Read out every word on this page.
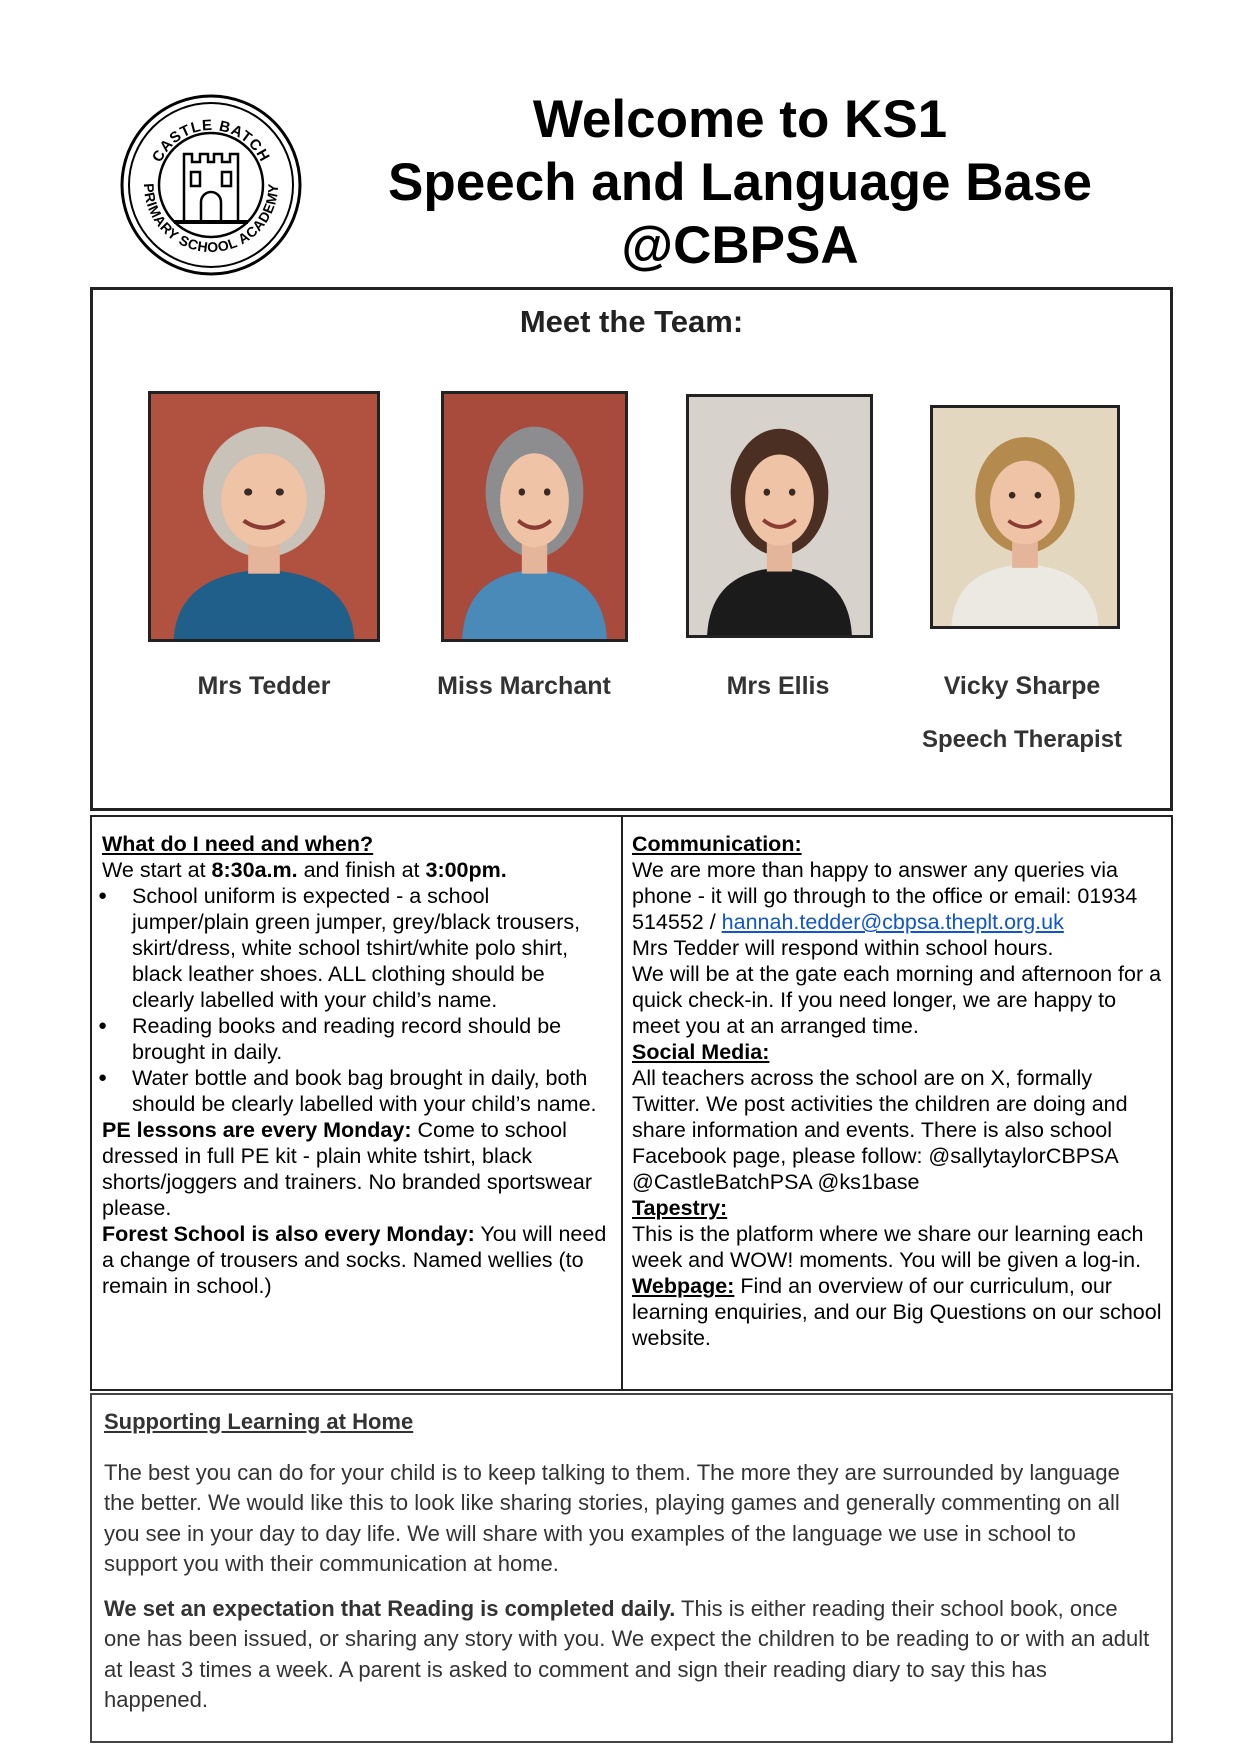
CASTLE BATCH
PRIMARY SCHOOL ACADEMY
Welcome to KS1
Speech and Language Base
@CBPSA
Meet the Team:
Mrs Tedder	Miss Marchant	Mrs Ellis	Vicky Sharpe
Speech Therapist

What do I need and when?

We start at 8:30a.m. and finish at 3:00pm.

● School uniform is expected - a school jumper/plain green jumper, grey/black trousers, skirt/dress, white school tshirt/white polo shirt, black leather shoes. ALL clothing should be clearly labelled with your child’s name.
● Reading books and reading record should be brought in daily.
● Water bottle and book bag brought in daily, both should be clearly labelled with your child’s name.

PE lessons are every Monday: Come to school dressed in full PE kit - plain white tshirt, black shorts/joggers and trainers. No branded sportswear please.

Forest School is also every Monday: You will need a change of trousers and socks. Named wellies (to remain in school.)

Communication:

We are more than happy to answer any queries via phone - it will go through to the office or email: 01934 514552 / hannah.tedder@cbpsa.theplt.org.uk

Mrs Tedder will respond within school hours.

We will be at the gate each morning and afternoon for a quick check-in. If you need longer, we are happy to meet you at an arranged time.

Social Media:

All teachers across the school are on X, formally Twitter. We post activities the children are doing and share information and events. There is also school Facebook page, please follow: @sallytaylorCBPSA @CastleBatchPSA @ks1base

Tapestry:

This is the platform where we share our learning each week and WOW! moments. You will be given a log-in.

Webpage: Find an overview of our curriculum, our learning enquiries, and our Big Questions on our school website.

Supporting Learning at Home

The best you can do for your child is to keep talking to them. The more they are surrounded by language the better. We would like this to look like sharing stories, playing games and generally commenting on all you see in your day to day life. We will share with you examples of the language we use in school to support you with their communication at home.

We set an expectation that Reading is completed daily. This is either reading their school book, once one has been issued, or sharing any story with you. We expect the children to be reading to or with an adult at least 3 times a week. A parent is asked to comment and sign their reading diary to say this has happened.
